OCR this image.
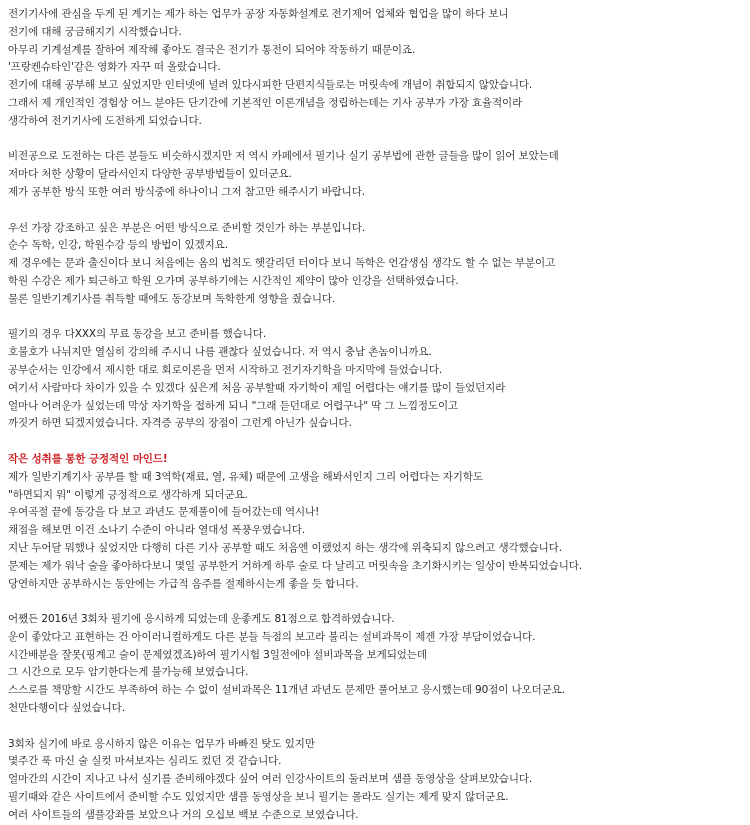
전기기사에 관심을 두게 된 계기는 제가 하는 업무가 공장 자동화설계로 전기제어 업체와 협업을 많이 하다 보니
전기에 대해 궁금해지기 시작했습니다.
아무리 기계설계를 잘하여 제작해 좋아도 결국은 전기가 통전이 되어야 작동하기 때문이죠.
'프랑켄슈타인'같은 영화가 자꾸 떠 올랐습니다.
전기에 대해 공부해 보고 싶었지만 인터넷에 널려 있다시피한 단편지식들로는 머릿속에 개념이 취합되지 않았습니다.
그래서 제 개인적인 경험상 어느 분야든 단기간에 기본적인 이론개념을 정립하는데는 기사 공부가 가장 효율적이라
생각하여 전기기사에 도전하게 되었습니다.
비전공으로 도전하는 다른 분들도 비슷하시겠지만 저 역시 카페에서 필기나 실기 공부법에 관한 글들을 많이 읽어 보았는데
저마다 처한 상황이 달라서인지 다양한 공부방법들이 있더군요.
제가 공부한 방식 또한 여러 방식중에 하나이니 그저 참고만 해주시기 바랍니다.
우선 가장 강조하고 싶은 부분은 어떤 방식으로 준비할 것인가 하는 부분입니다.
순수 독학, 인강, 학원수강 등의 방법이 있겠지요.
제 경우에는 문과 출신이다 보니 처음에는 옴의 법칙도 헷갈리던 터이다 보니 독학은 언감생심 생각도 할 수 없는 부분이고
학원 수강은 제가 퇴근하고 학원 오가며 공부하기에는 시간적인 제약이 많아 인강을 선택하였습니다.
물론 일반기계기사를 취득할 때에도 동강보며 독학한게 영향을 줬습니다.
필기의 경우 다XXX의 무료 동강을 보고 준비를 했습니다.
호불호가 나뉘지만 열심히 강의해 주시니 나름 괜찮다 싶었습니다. 저 역시 충남 촌놈이니까요.
공부순서는 인강에서 제시한 대로 회로이론을 먼저 시작하고 전기자기학을 마지막에 들었습니다.
여기서 사람마다 차이가 있을 수 있겠다 싶은게 처음 공부할때 자기학이 제일 어렵다는 얘기를 많이 들었던지라
얼마나 어려운가 싶었는데 막상 자기학을 접하게 되니 "그래 듣던대로 어렵구나" 딱 그 느낌정도이고
까짓거 하면 되겠지였습니다. 자격증 공부의 장점이 그런게 아닌가 싶습니다.
작은 성취를 통한 긍정적인 마인드!
제가 일반기계기사 공부를 할 때 3역학(재료, 열, 유체) 때문에 고생을 해봐서인지 그리 어렵다는 자기학도
"하면되지 뭐" 이렇게 긍정적으로 생각하게 되더군요.
우여곡절 끝에 동강을 다 보고 과년도 문제풀이에 들어갔는데 역시나!
채점을 해보면 이건 소나기 수준이 아니라 열대성 폭풍우였습니다.
지난 두어달 뭐했나 싶었지만 다행히 다른 기사 공부할 때도 처음엔 이랬었지 하는 생각에 위축되지 않으려고 생각했습니다.
문제는 제가 워낙 술을 좋아하다보니 몇일 공부한거 거하게 하루 술로 다 날리고 머릿속을 초기화시키는 일상이 반복되었습니다.
당연하지만 공부하시는 동안에는 가급적 음주를 절제하시는게 좋을 듯 합니다.
어쨌든 2016년 3회차 필기에 응시하게 되었는데 운좋게도 81점으로 합격하였습니다.
운이 좋았다고 표현하는 건 아이러니컬하게도 다른 분들 득점의 보고라 불리는 설비과목이 제겐 가장 부담이었습니다.
시간배분을 잘못(핑계고 술이 문제였겠죠)하여 필기시험 3일전에야 설비과목을 보게되었는데
그 시간으로 모두 암기한다는게 불가능해 보였습니다.
스스로를 책망할 시간도 부족하여 하는 수 없이 설비과목은 11개년 과년도 문제만 풀어보고 응시했는데 90점이 나오더군요.
천만다행이다 싶었습니다.
3회차 실기에 바로 응시하지 않은 이유는 업무가 바빠진 탓도 있지만
몇주간 푹 마신 술 실컷 마셔보자는 심리도 컸던 것 같습니다.
얼마간의 시간이 지나고 나서 실기를 준비해야겠다 싶어 여러 인강사이트의 둘러보며 샘플 동영상을 살펴보았습니다.
필기때와 같은 사이트에서 준비할 수도 있었지만 샘플 동영상을 보니 필기는 몰라도 실기는 제게 맞지 않더군요.
여러 사이트들의 샘플강좌를 보았으나 거의 오십보 백보 수준으로 보였습니다.
